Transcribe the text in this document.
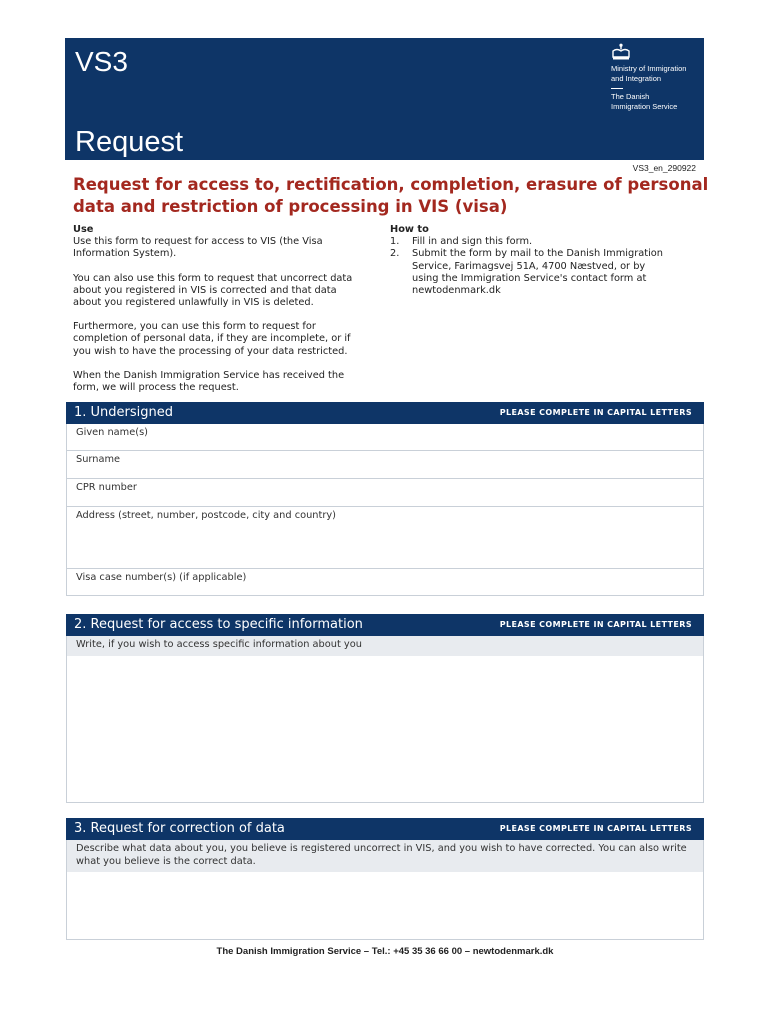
VS3
Request
Ministry of Immigration
and Integration
The Danish
Immigration Service
VS3_en_290922
Request for access to, rectification, completion, erasure of personal data and restriction of processing in VIS (visa)
Use

Use this form to request for access to VIS (the Visa
Information System).

You can also use this form to request that uncorrect data
about you registered in VIS is corrected and that data
about you registered unlawfully in VIS is deleted.

Furthermore, you can use this form to request for
completion of personal data, if they are incomplete, or if
you wish to have the processing of your data restricted.

When the Danish Immigration Service has received the
form, we will process the request.

How to
1.	Fill in and sign this form.
2.	Submit the form by mail to the Danish Immigration
Service, Farimagsvej 51A, 4700 Næstved, or by
using the Immigration Service's contact form at
newtodenmark.dk
1. Undersigned	PLEASE COMPLETE IN CAPITAL LETTERS
Given name(s)
Surname
CPR number
Address (street, number, postcode, city and country)
Visa case number(s) (if applicable)
2. Request for access to specific information	PLEASE COMPLETE IN CAPITAL LETTERS
Write, if you wish to access specific information about you
3. Request for correction of data	PLEASE COMPLETE IN CAPITAL LETTERS
Describe what data about you, you believe is registered uncorrect in VIS, and you wish to have corrected. You can also write what you believe is the correct data.
The Danish Immigration Service – Tel.: +45 35 36 66 00 – newtodenmark.dk
